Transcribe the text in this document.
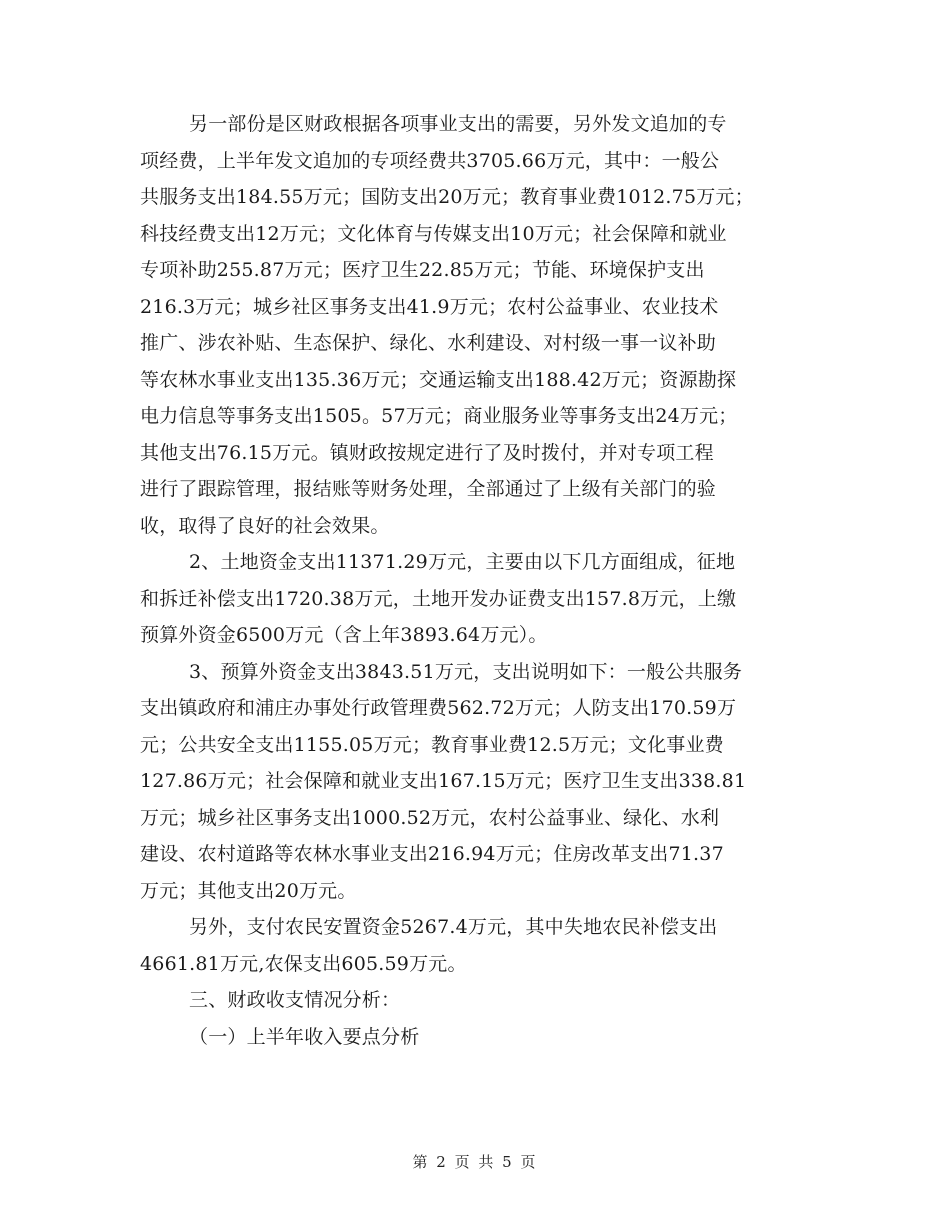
另一部份是区财政根据各项事业支出的需要，另外发文追加的专
项经费，上半年发文追加的专项经费共3705.66万元，其中：一般公
共服务支出184.55万元；国防支出20万元；教育事业费1012.75万元；
科技经费支出12万元；文化体育与传媒支出10万元；社会保障和就业
专项补助255.87万元；医疗卫生22.85万元；节能、环境保护支出
216.3万元；城乡社区事务支出41.9万元；农村公益事业、农业技术
推广、涉农补贴、生态保护、绿化、水利建设、对村级一事一议补助
等农林水事业支出135.36万元；交通运输支出188.42万元；资源勘探
电力信息等事务支出1505。57万元；商业服务业等事务支出24万元；
其他支出76.15万元。镇财政按规定进行了及时拨付，并对专项工程
进行了跟踪管理，报结账等财务处理，全部通过了上级有关部门的验
收，取得了良好的社会效果。
2、土地资金支出11371.29万元，主要由以下几方面组成，征地
和拆迁补偿支出1720.38万元，土地开发办证费支出157.8万元，上缴
预算外资金6500万元（含上年3893.64万元）。
3、预算外资金支出3843.51万元，支出说明如下：一般公共服务
支出镇政府和浦庄办事处行政管理费562.72万元；人防支出170.59万
元；公共安全支出1155.05万元；教育事业费12.5万元；文化事业费
127.86万元；社会保障和就业支出167.15万元；医疗卫生支出338.81
万元；城乡社区事务支出1000.52万元，农村公益事业、绿化、水利
建设、农村道路等农林水事业支出216.94万元；住房改革支出71.37
万元；其他支出20万元。
另外，支付农民安置资金5267.4万元，其中失地农民补偿支出
4661.81万元,农保支出605.59万元。
三、财政收支情况分析：
（一）上半年收入要点分析
第 2 页 共 5 页
